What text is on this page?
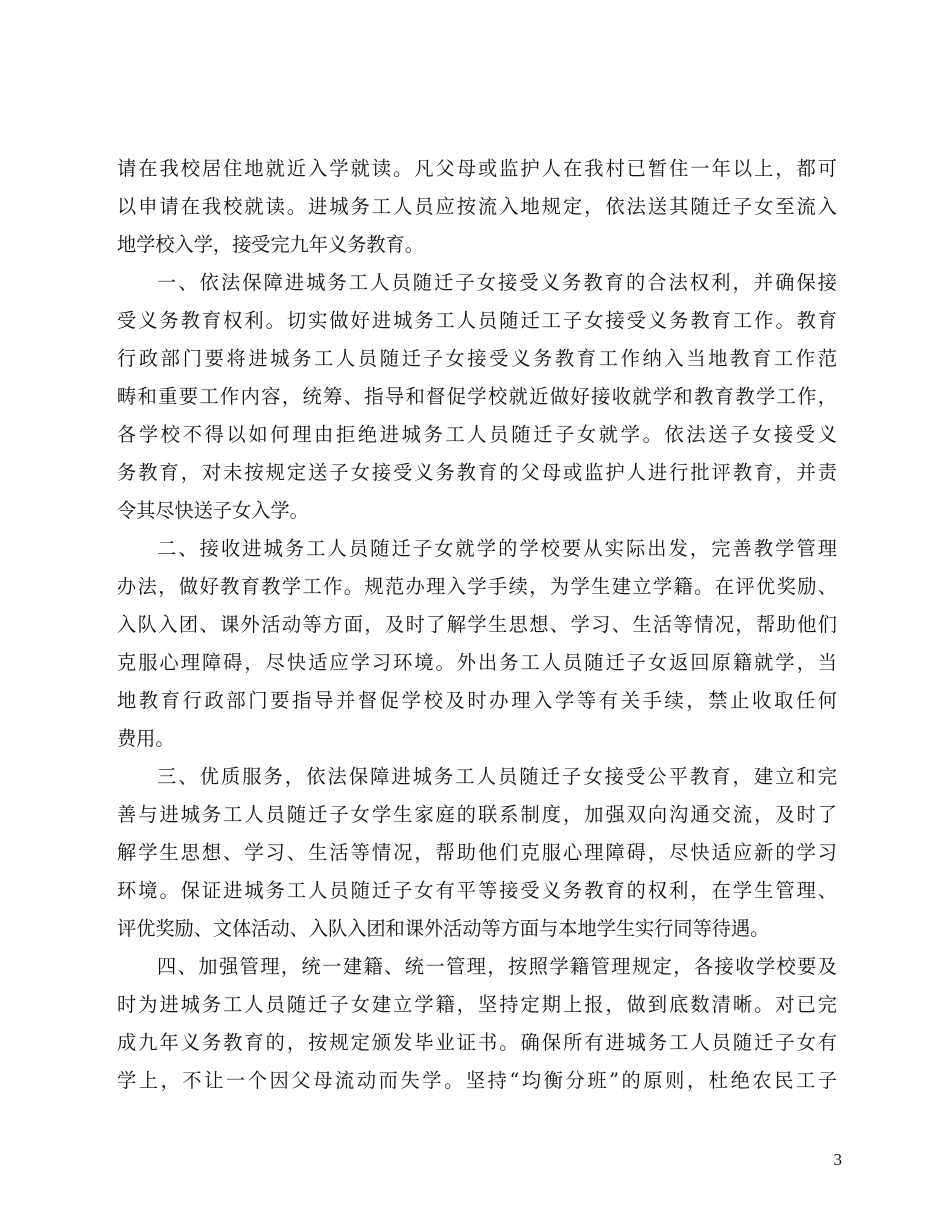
请在我校居住地就近入学就读。凡父母或监护人在我村已暂住一年以上，都可
以申请在我校就读。进城务工人员应按流入地规定，依法送其随迁子女至流入
地学校入学，接受完九年义务教育。
一、依法保障进城务工人员随迁子女接受义务教育的合法权利，并确保接
受义务教育权利。切实做好进城务工人员随迁工子女接受义务教育工作。教育
行政部门要将进城务工人员随迁子女接受义务教育工作纳入当地教育工作范
畴和重要工作内容，统筹、指导和督促学校就近做好接收就学和教育教学工作，
各学校不得以如何理由拒绝进城务工人员随迁子女就学。依法送子女接受义
务教育，对未按规定送子女接受义务教育的父母或监护人进行批评教育，并责
令其尽快送子女入学。
二、接收进城务工人员随迁子女就学的学校要从实际出发，完善教学管理
办法，做好教育教学工作。规范办理入学手续，为学生建立学籍。在评优奖励、
入队入团、课外活动等方面，及时了解学生思想、学习、生活等情况，帮助他们
克服心理障碍，尽快适应学习环境。外出务工人员随迁子女返回原籍就学，当
地教育行政部门要指导并督促学校及时办理入学等有关手续，禁止收取任何
费用。
三、优质服务，依法保障进城务工人员随迁子女接受公平教育，建立和完
善与进城务工人员随迁子女学生家庭的联系制度，加强双向沟通交流，及时了
解学生思想、学习、生活等情况，帮助他们克服心理障碍，尽快适应新的学习
环境。保证进城务工人员随迁子女有平等接受义务教育的权利，在学生管理、
评优奖励、文体活动、入队入团和课外活动等方面与本地学生实行同等待遇。
四、加强管理，统一建籍、统一管理，按照学籍管理规定，各接收学校要及
时为进城务工人员随迁子女建立学籍，坚持定期上报，做到底数清晰。对已完
成九年义务教育的，按规定颁发毕业证书。确保所有进城务工人员随迁子女有
学上，不让一个因父母流动而失学。坚持“均衡分班”的原则，杜绝农民工子
3
